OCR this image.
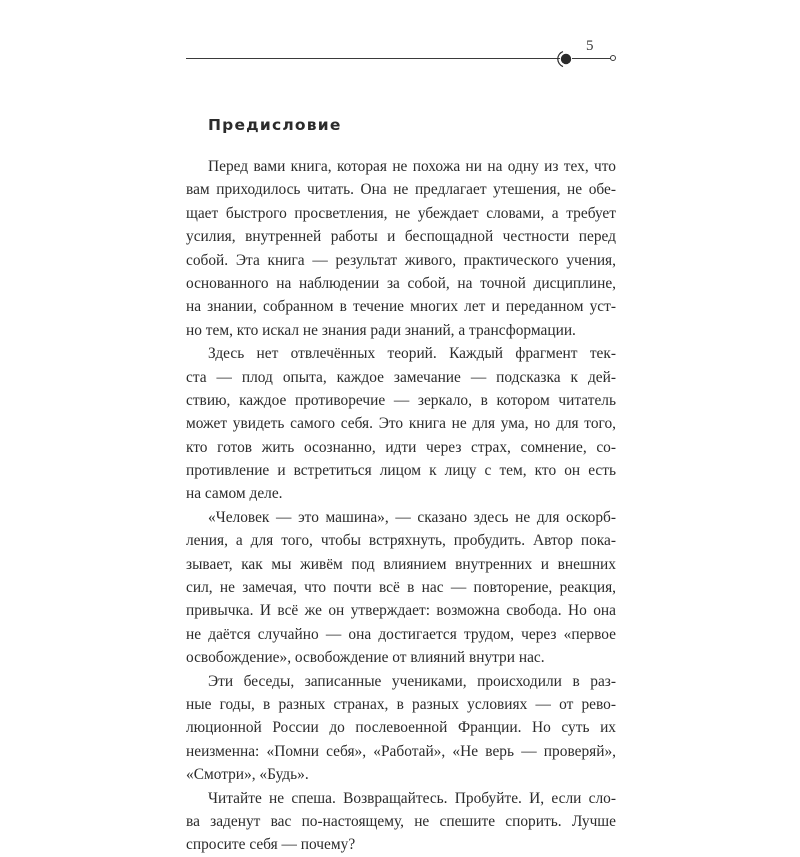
5
Предисловие
Перед вами книга, которая не похожа ни на одну из тех, что
вам приходилось читать. Она не предлагает утешения, не обе-
щает быстрого просветления, не убеждает словами, а требует
усилия, внутренней работы и беспощадной честности перед
собой. Эта книга — результат живого, практического учения,
основанного на наблюдении за собой, на точной дисциплине,
на знании, собранном в течение многих лет и переданном уст-
но тем, кто искал не знания ради знаний, а трансформации.
Здесь нет отвлечённых теорий. Каждый фрагмент тек-
ста — плод опыта, каждое замечание — подсказка к дей-
ствию, каждое противоречие — зеркало, в котором читатель
может увидеть самого себя. Это книга не для ума, но для того,
кто готов жить осознанно, идти через страх, сомнение, со-
противление и встретиться лицом к лицу с тем, кто он есть
на самом деле.
«Человек — это машина», — сказано здесь не для оскорб-
ления, а для того, чтобы встряхнуть, пробудить. Автор пока-
зывает, как мы живём под влиянием внутренних и внешних
сил, не замечая, что почти всё в нас — повторение, реакция,
привычка. И всё же он утверждает: возможна свобода. Но она
не даётся случайно — она достигается трудом, через «первое
освобождение», освобождение от влияний внутри нас.
Эти беседы, записанные учениками, происходили в раз-
ные годы, в разных странах, в разных условиях — от рево-
люционной России до послевоенной Франции. Но суть их
неизменна: «Помни себя», «Работай», «Не верь — проверяй»,
«Смотри», «Будь».
Читайте не спеша. Возвращайтесь. Пробуйте. И, если сло-
ва заденут вас по-настоящему, не спешите спорить. Лучше
спросите себя — почему?
